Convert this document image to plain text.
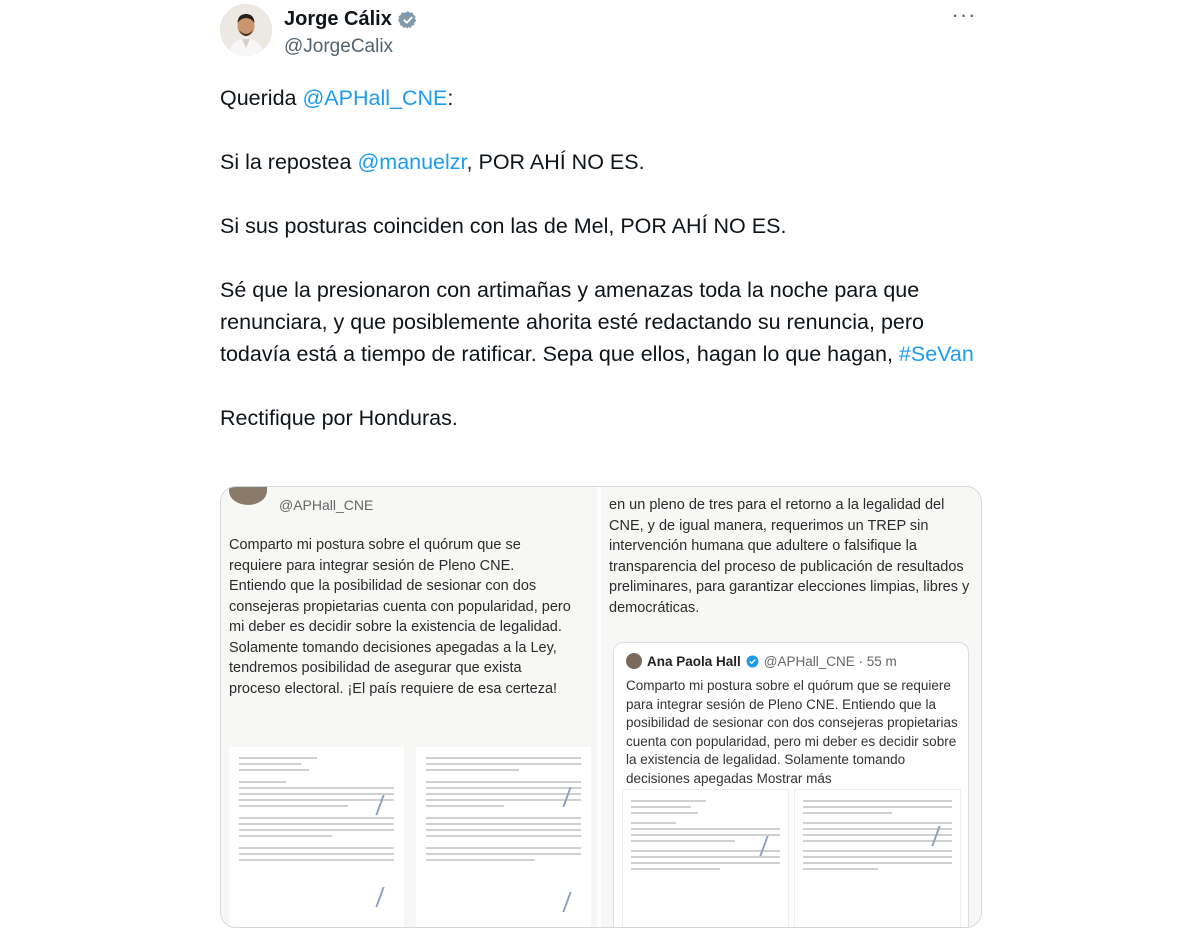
Jorge Cálix
@JorgeCalix
···

Querida @APHall_CNE:

Si la repostea @manuelzr, POR AHÍ NO ES.

Si sus posturas coinciden con las de Mel, POR AHÍ NO ES.

Sé que la presionaron con artimañas y amenazas toda la noche para que renunciara, y que posiblemente ahorita esté redactando su renuncia, pero todavía está a tiempo de ratificar. Sepa que ellos, hagan lo que hagan, #SeVan

Rectifique por Honduras.

@APHall_CNE
Comparto mi postura sobre el quórum que se requiere para integrar sesión de Pleno CNE. Entiendo que la posibilidad de sesionar con dos consejeras propietarias cuenta con popularidad, pero mi deber es decidir sobre la existencia de legalidad. Solamente tomando decisiones apegadas a la Ley, tendremos posibilidad de asegurar que exista proceso electoral. ¡El país requiere de esa certeza!
en un pleno de tres para el retorno a la legalidad del CNE, y de igual manera, requerimos un TREP sin intervención humana que adultere o falsifique la transparencia del proceso de publicación de resultados preliminares, para garantizar elecciones limpias, libres y democráticas.
Ana Paola Hall @APHall_CNE · 55 m
Comparto mi postura sobre el quórum que se requiere para integrar sesión de Pleno CNE. Entiendo que la posibilidad de sesionar con dos consejeras propietarias cuenta con popularidad, pero mi deber es decidir sobre la existencia de legalidad. Solamente tomando decisiones apegadas Mostrar más
